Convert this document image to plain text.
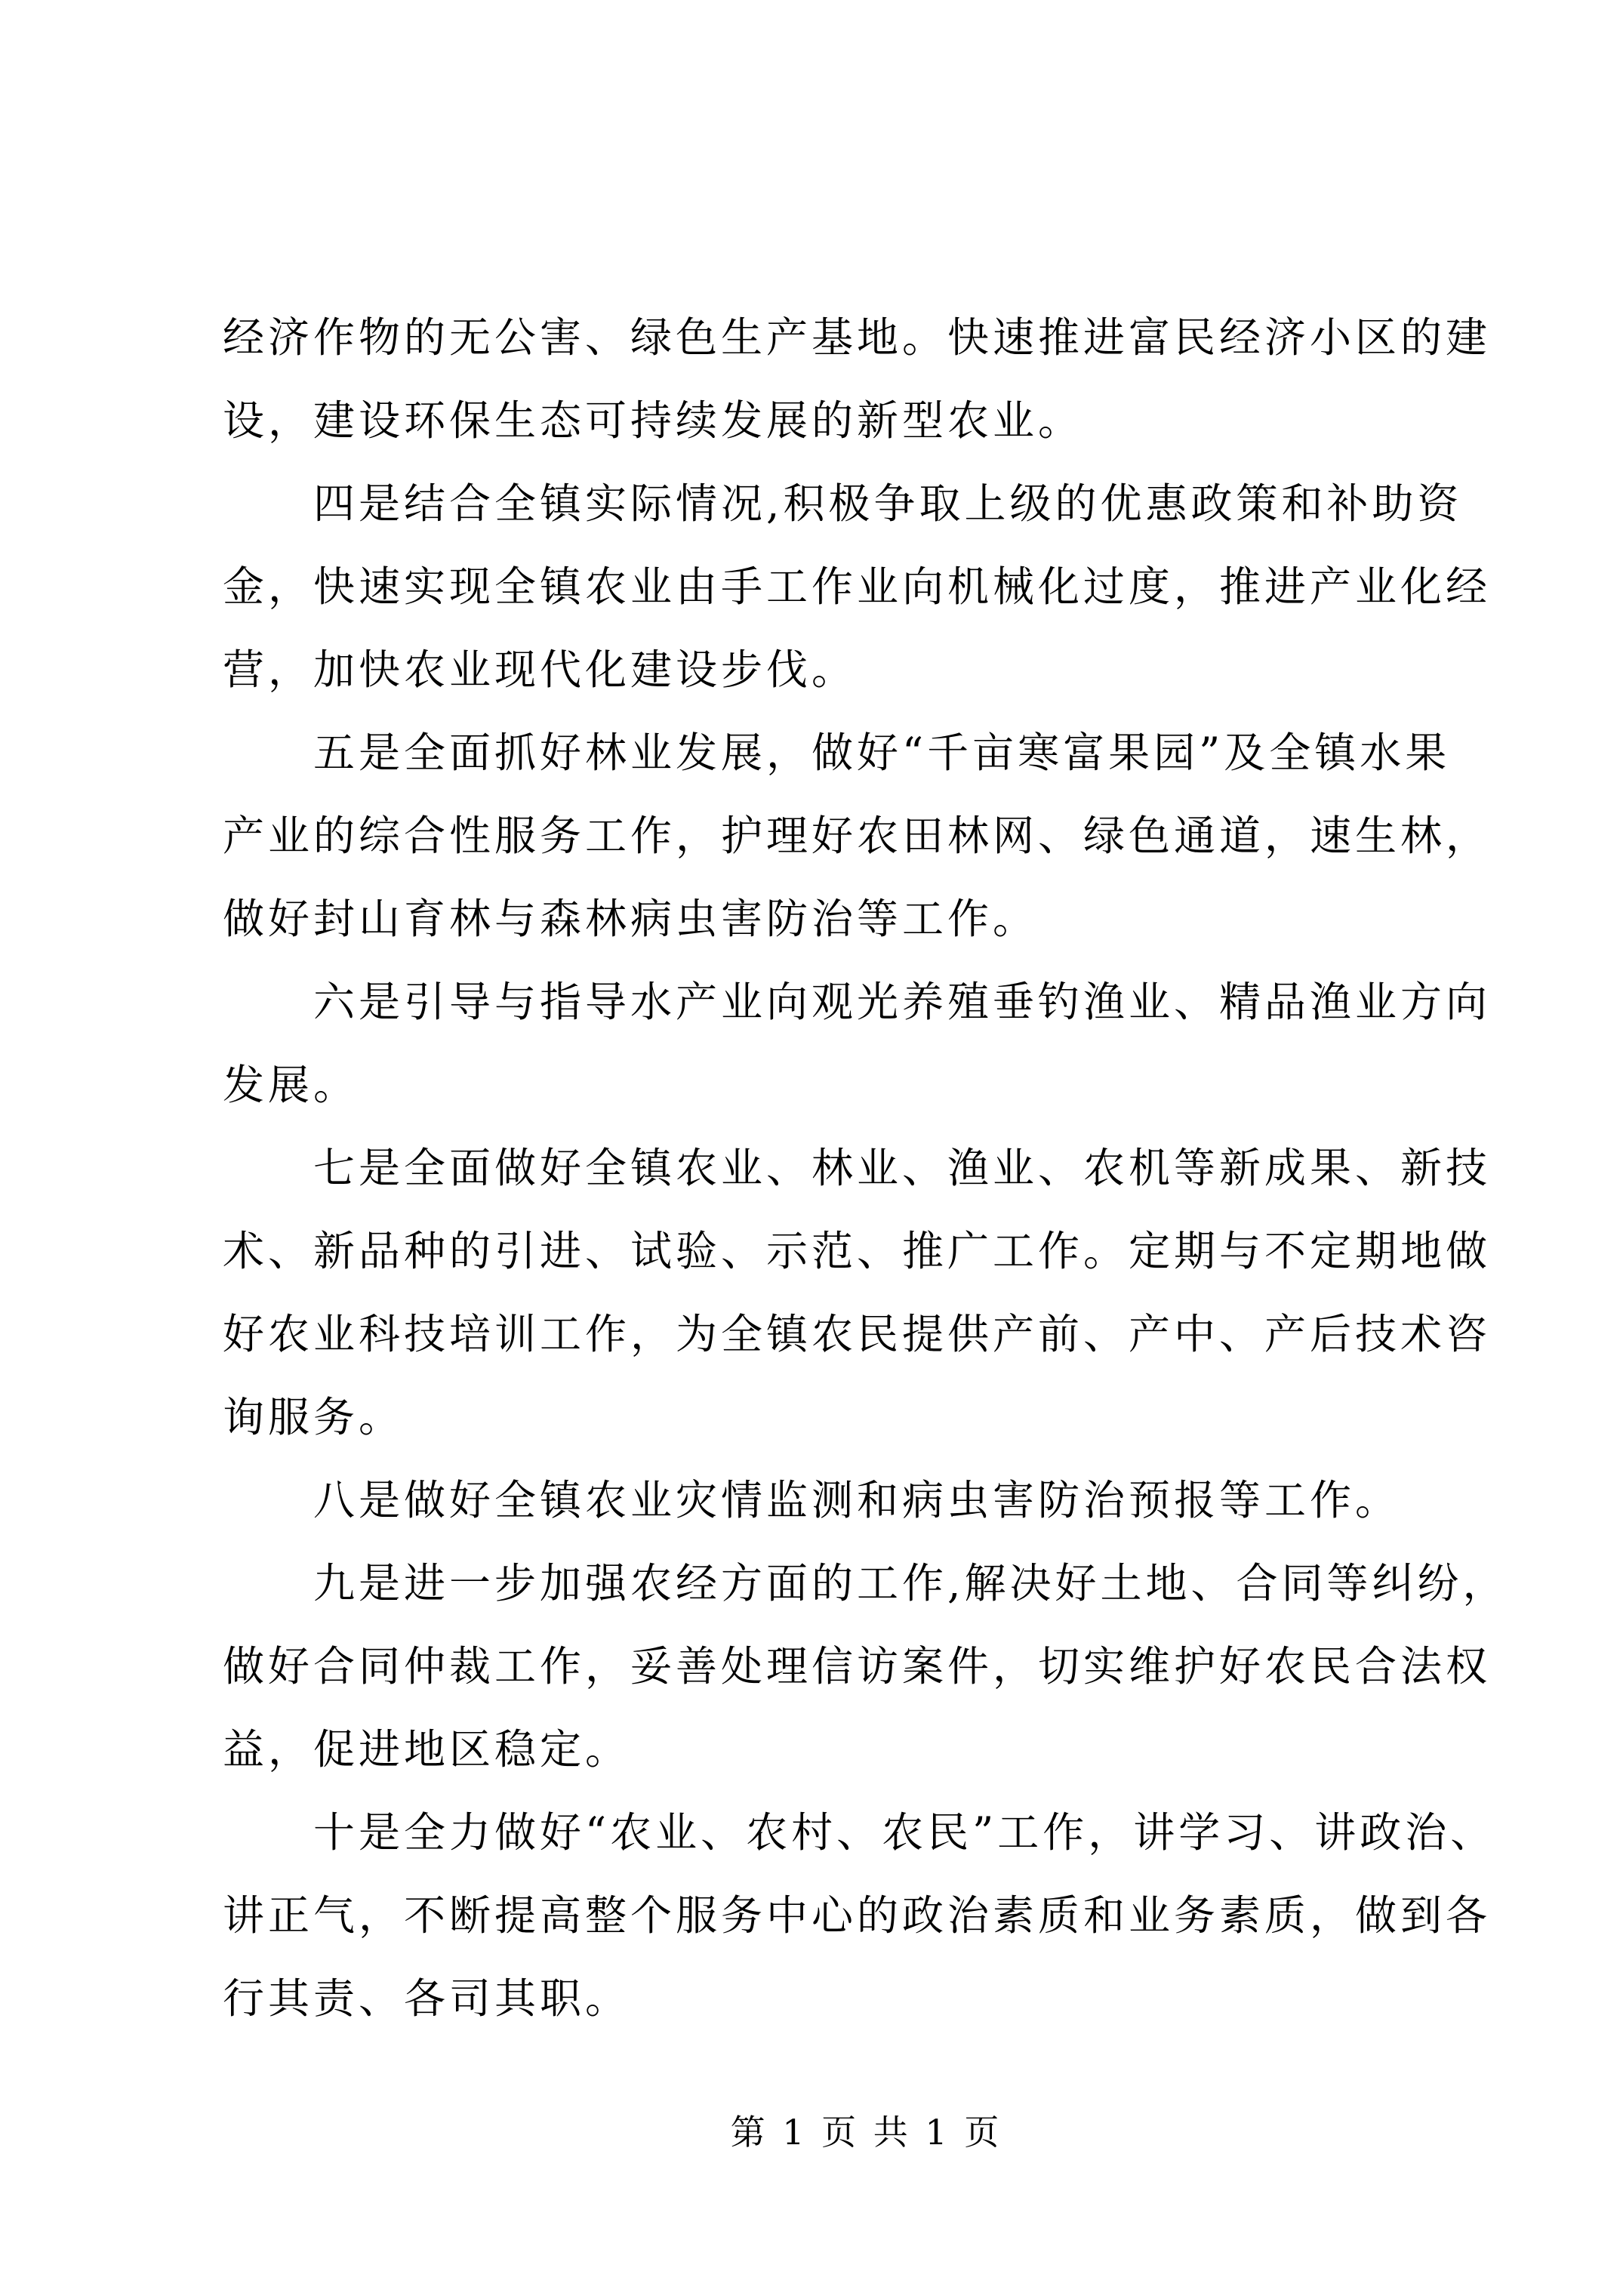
经济作物的无公害、绿色生产基地。快速推进富民经济小区的建
设，建设环保生态可持续发展的新型农业。
四是结合全镇实际情况,积极争取上级的优惠政策和补助资
金，快速实现全镇农业由手工作业向机械化过度，推进产业化经
营，加快农业现代化建设步伐。
五是全面抓好林业发展，做好“千亩寒富果园”及全镇水果
产业的综合性服务工作，护理好农田林网、绿色通道，速生林，
做好封山育林与森林病虫害防治等工作。
六是引导与指导水产业向观光养殖垂钓渔业、精品渔业方向
发展。
七是全面做好全镇农业、林业、渔业、农机等新成果、新技
术、新品种的引进、试验、示范、推广工作。定期与不定期地做
好农业科技培训工作，为全镇农民提供产前、产中、产后技术咨
询服务。
八是做好全镇农业灾情监测和病虫害防治预报等工作。
九是进一步加强农经方面的工作,解决好土地、合同等纠纷，
做好合同仲裁工作，妥善处理信访案件，切实维护好农民合法权
益，促进地区稳定。
十是全力做好“农业、农村、农民”工作，讲学习、讲政治、
讲正气，不断提高整个服务中心的政治素质和业务素质，做到各
行其责、各司其职。
第 1 页 共 1 页
